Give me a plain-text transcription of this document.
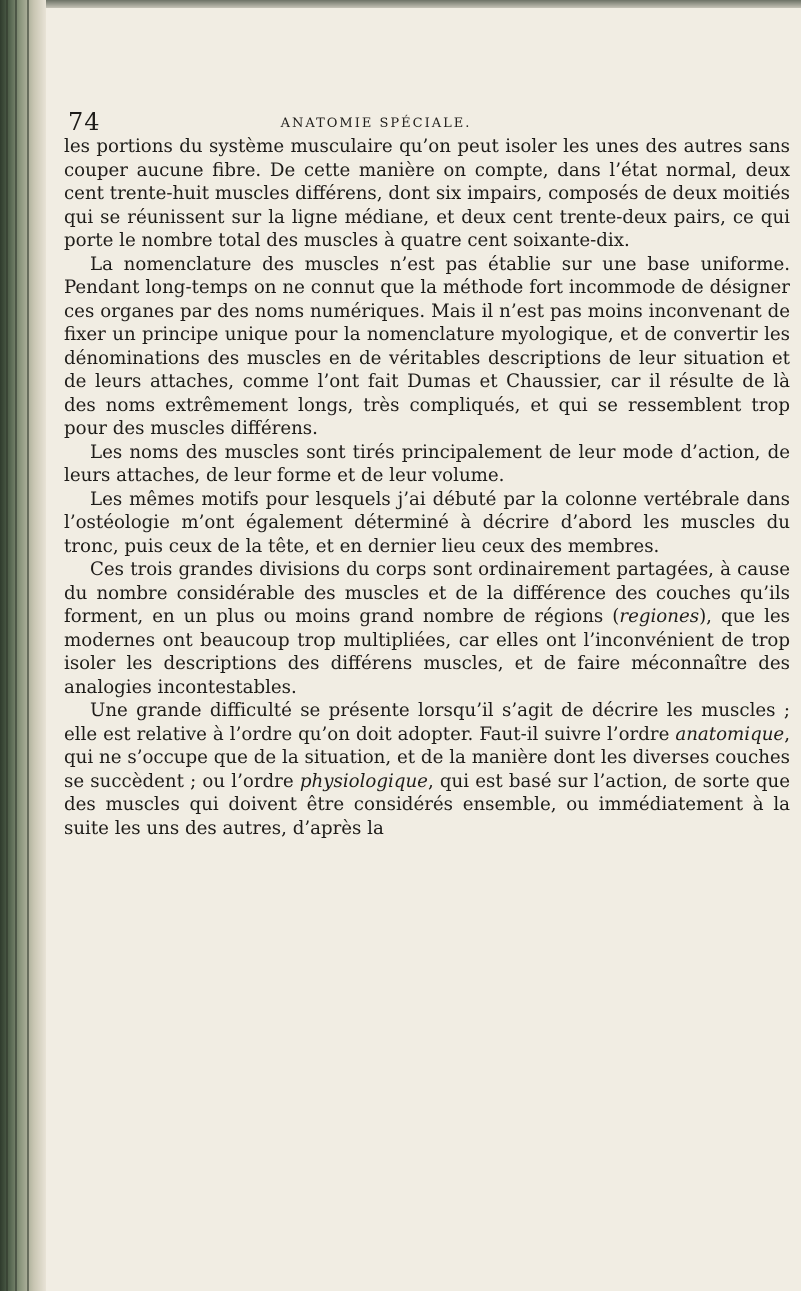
74	ANATOMIE SPÉCIALE.

les portions du système musculaire qu’on peut isoler les unes des autres sans couper aucune fibre. De cette manière on compte, dans l’état normal, deux cent trente-huit muscles différens, dont six impairs, composés de deux moitiés qui se réunissent sur la ligne médiane, et deux cent trente-deux pairs, ce qui porte le nombre total des muscles à quatre cent soixante-dix.

La nomenclature des muscles n’est pas établie sur une base uniforme. Pendant long-temps on ne connut que la méthode fort incommode de désigner ces organes par des noms numériques. Mais il n’est pas moins inconvenant de fixer un principe unique pour la nomenclature myologique, et de convertir les dénominations des muscles en de véritables descriptions de leur situation et de leurs attaches, comme l’ont fait Dumas et Chaussier, car il résulte de là des noms extrêmement longs, très compliqués, et qui se ressemblent trop pour des muscles différens.

Les noms des muscles sont tirés principalement de leur mode d’action, de leurs attaches, de leur forme et de leur volume.

Les mêmes motifs pour lesquels j’ai débuté par la colonne vertébrale dans l’ostéologie m’ont également déterminé à décrire d’abord les muscles du tronc, puis ceux de la tête, et en dernier lieu ceux des membres.

Ces trois grandes divisions du corps sont ordinairement partagées, à cause du nombre considérable des muscles et de la différence des couches qu’ils forment, en un plus ou moins grand nombre de régions (regiones), que les modernes ont beaucoup trop multipliées, car elles ont l’inconvénient de trop isoler les descriptions des différens muscles, et de faire méconnaître des analogies incontestables.

Une grande difficulté se présente lorsqu’il s’agit de décrire les muscles ; elle est relative à l’ordre qu’on doit adopter. Faut-il suivre l’ordre anatomique, qui ne s’occupe que de la situation, et de la manière dont les diverses couches se succèdent ; ou l’ordre physiologique, qui est basé sur l’action, de sorte que des muscles qui doivent être considérés ensemble, ou immédiatement à la suite les uns des autres, d’après la
